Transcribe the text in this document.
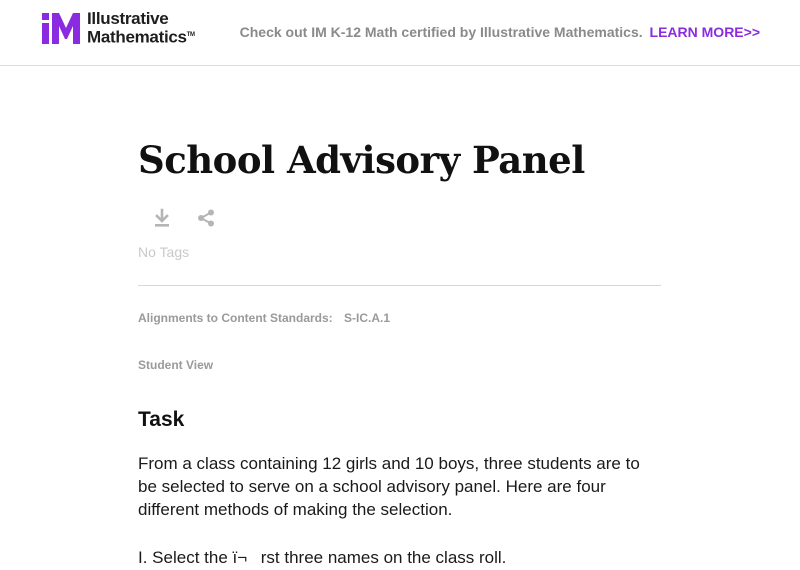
Illustrative
Mathematics™	Check out IM K-12 Math certified by Illustrative Mathematics. LEARN MORE>>
School Advisory Panel
No Tags
Alignments to Content Standards: S-IC.A.1
Student View
Task

From a class containing 12 girls and 10 boys, three students are to be selected to serve on a school advisory panel. Here are four different methods of making the selection.

I. Select the ï¬rst three names on the class roll.
